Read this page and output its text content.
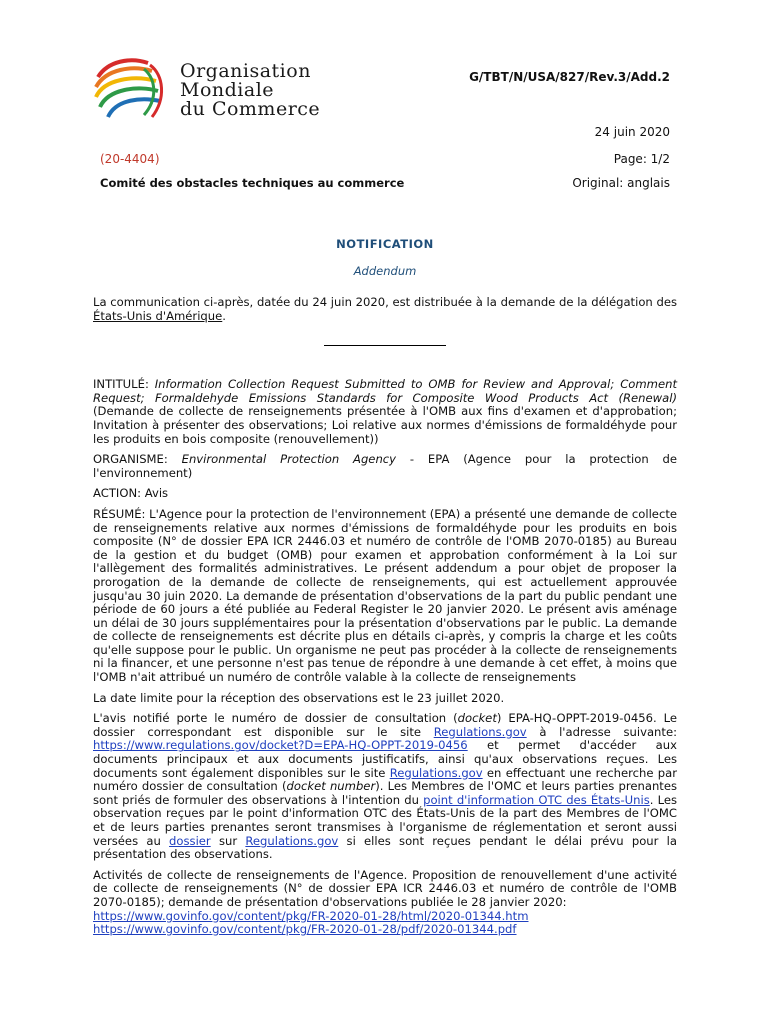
Organisation
Mondiale
du Commerce
G/TBT/N/USA/827/Rev.3/Add.2
24 juin 2020
(20-4404)	Page: 1/2
Comité des obstacles techniques au commerce	Original: anglais
NOTIFICATION
Addendum

La communication ci-après, datée du 24 juin 2020, est distribuée à la demande de la délégation des États-Unis d'Amérique.

INTITULÉ: Information Collection Request Submitted to OMB for Review and Approval; Comment Request; Formaldehyde Emissions Standards for Composite Wood Products Act (Renewal) (Demande de collecte de renseignements présentée à l'OMB aux fins d'examen et d'approbation; Invitation à présenter des observations; Loi relative aux normes d'émissions de formaldéhyde pour les produits en bois composite (renouvellement))

ORGANISME: Environmental Protection Agency - EPA (Agence pour la protection de l'environnement)

ACTION: Avis

RÉSUMÉ: L'Agence pour la protection de l'environnement (EPA) a présenté une demande de collecte de renseignements relative aux normes d'émissions de formaldéhyde pour les produits en bois composite (N° de dossier EPA ICR 2446.03 et numéro de contrôle de l'OMB 2070-0185) au Bureau de la gestion et du budget (OMB) pour examen et approbation conformément à la Loi sur l'allègement des formalités administratives. Le présent addendum a pour objet de proposer la prorogation de la demande de collecte de renseignements, qui est actuellement approuvée jusqu'au 30 juin 2020. La demande de présentation d'observations de la part du public pendant une période de 60 jours a été publiée au Federal Register le 20 janvier 2020. Le présent avis aménage un délai de 30 jours supplémentaires pour la présentation d'observations par le public. La demande de collecte de renseignements est décrite plus en détails ci-après, y compris la charge et les coûts qu'elle suppose pour le public. Un organisme ne peut pas procéder à la collecte de renseignements ni la financer, et une personne n'est pas tenue de répondre à une demande à cet effet, à moins que l'OMB n'ait attribué un numéro de contrôle valable à la collecte de renseignements

La date limite pour la réception des observations est le 23 juillet 2020.

L'avis notifié porte le numéro de dossier de consultation (docket) EPA-HQ-OPPT-2019-0456. Le dossier correspondant est disponible sur le site Regulations.gov à l'adresse suivante: https://www.regulations.gov/docket?D=EPA-HQ-OPPT-2019-0456 et permet d'accéder aux documents principaux et aux documents justificatifs, ainsi qu'aux observations reçues. Les documents sont également disponibles sur le site Regulations.gov en effectuant une recherche par numéro dossier de consultation (docket number). Les Membres de l'OMC et leurs parties prenantes sont priés de formuler des observations à l'intention du point d'information OTC des États-Unis. Les observation reçues par le point d'information OTC des États-Unis de la part des Membres de l'OMC et de leurs parties prenantes seront transmises à l'organisme de réglementation et seront aussi versées au dossier sur Regulations.gov si elles sont reçues pendant le délai prévu pour la présentation des observations.

Activités de collecte de renseignements de l'Agence. Proposition de renouvellement d'une activité de collecte de renseignements (N° de dossier EPA ICR 2446.03 et numéro de contrôle de l'OMB 2070-0185); demande de présentation d'observations publiée le 28 janvier 2020:
https://www.govinfo.gov/content/pkg/FR-2020-01-28/html/2020-01344.htm
https://www.govinfo.gov/content/pkg/FR-2020-01-28/pdf/2020-01344.pdf
